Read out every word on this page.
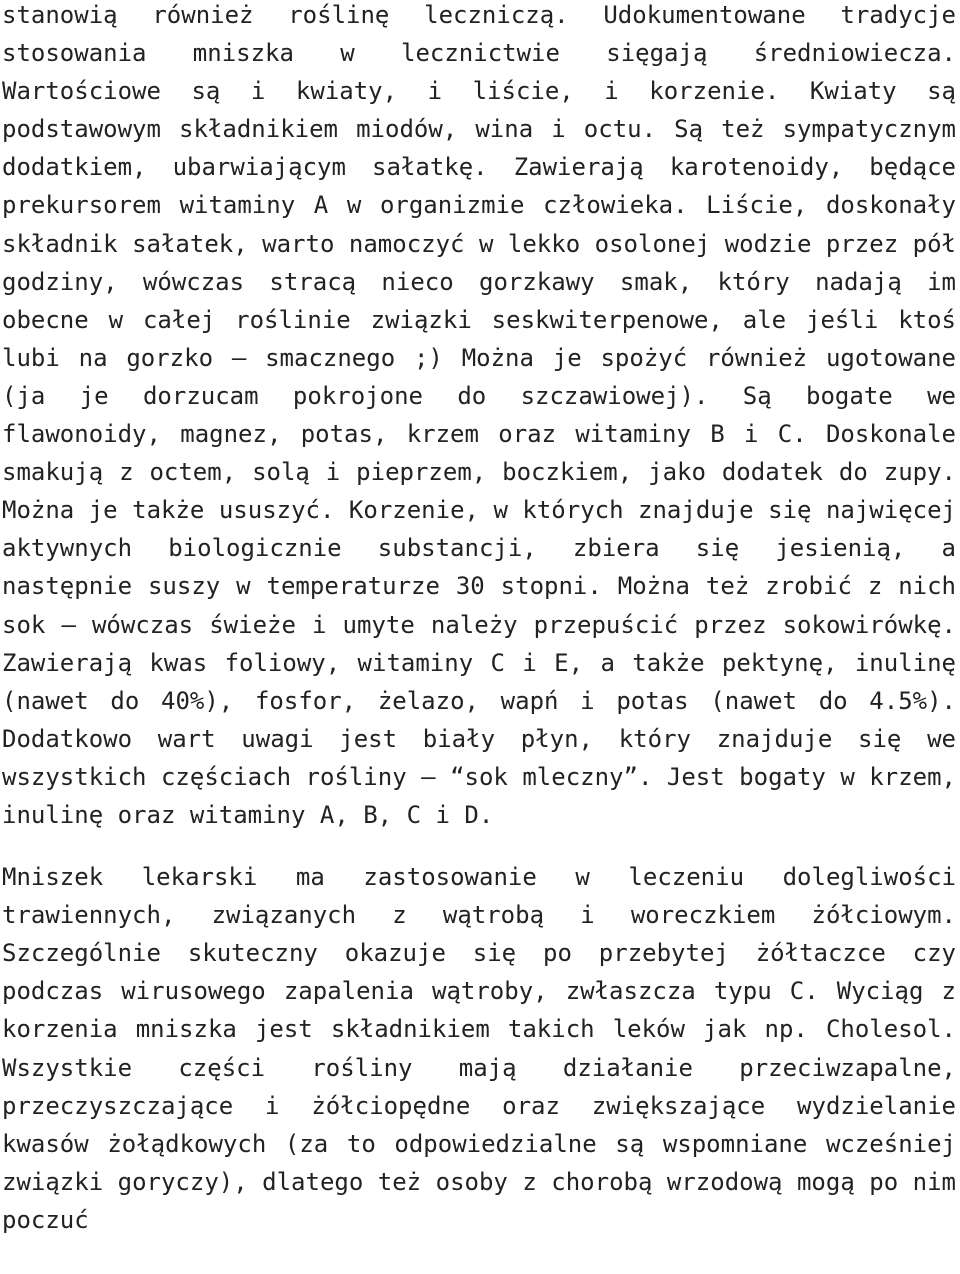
stanowią również roślinę leczniczą. Udokumentowane tradycje stosowania mniszka w lecznictwie sięgają średniowiecza. Wartościowe są i kwiaty, i liście, i korzenie. Kwiaty są podstawowym składnikiem miodów, wina i octu. Są też sympatycznym dodatkiem, ubarwiającym sałatkę. Zawierają karotenoidy, będące prekursorem witaminy A w organizmie człowieka. Liście, doskonały składnik sałatek, warto namoczyć w lekko osolonej wodzie przez pół godziny, wówczas stracą nieco gorzkawy smak, który nadają im obecne w całej roślinie związki seskwiterpenowe, ale jeśli ktoś lubi na gorzko – smacznego ;) Można je spożyć również ugotowane (ja je dorzucam pokrojone do szczawiowej). Są bogate we flawonoidy, magnez, potas, krzem oraz witaminy B i C. Doskonale smakują z octem, solą i pieprzem, boczkiem, jako dodatek do zupy. Można je także ususzyć. Korzenie, w których znajduje się najwięcej aktywnych biologicznie substancji, zbiera się jesienią, a następnie suszy w temperaturze 30 stopni. Można też zrobić z nich sok – wówczas świeże i umyte należy przepuścić przez sokowirówkę. Zawierają kwas foliowy, witaminy C i E, a także pektynę, inulinę (nawet do 40%), fosfor, żelazo, wapń i potas (nawet do 4.5%). Dodatkowo wart uwagi jest biały płyn, który znajduje się we wszystkich częściach rośliny – “sok mleczny”. Jest bogaty w krzem, inulinę oraz witaminy A, B, C i D.

Mniszek lekarski ma zastosowanie w leczeniu dolegliwości trawiennych, związanych z wątrobą i woreczkiem żółciowym. Szczególnie skuteczny okazuje się po przebytej żółtaczce czy podczas wirusowego zapalenia wątroby, zwłaszcza typu C. Wyciąg z korzenia mniszka jest składnikiem takich leków jak np. Cholesol. Wszystkie części rośliny mają działanie przeciwzapalne, przeczyszczające i żółciopędne oraz zwiększające wydzielanie kwasów żołądkowych (za to odpowiedzialne są wspomniane wcześniej związki goryczy), dlatego też osoby z chorobą wrzodową mogą po nim poczuć
